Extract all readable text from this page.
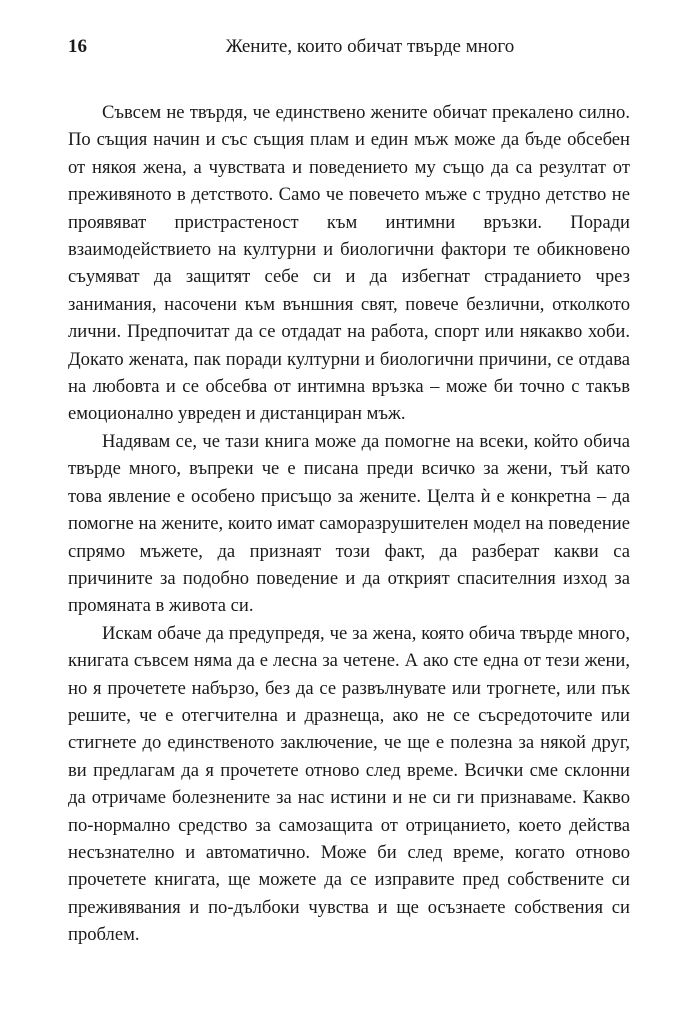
16	Жените, които обичат твърде много

Съвсем не твърдя, че единствено жените обичат прекалено силно. По същия начин и със същия плам и един мъж може да бъде обсебен от някоя жена, а чувствата и поведението му също да са резултат от преживяното в детството. Само че повечето мъже с трудно детство не проявяват пристрастеност към интимни връзки. Поради взаимодействието на културни и биологични фактори те обикновено съумяват да защитят себе си и да избегнат страданието чрез занимания, насочени към външния свят, повече безлични, отколкото лични. Предпочитат да се отдадат на работа, спорт или някакво хоби. Докато жената, пак поради културни и биологични причини, се отдава на любовта и се обсебва от интимна връзка – може би точно с такъв емоционално увреден и дистанциран мъж.

Надявам се, че тази книга може да помогне на всеки, който обича твърде много, въпреки че е писана преди всичко за жени, тъй като това явление е особено присъщо за жените. Целта ѝ е конкретна – да помогне на жените, които имат саморазрушителен модел на поведение спрямо мъжете, да признаят този факт, да разберат какви са причините за подобно поведение и да открият спасителния изход за промяната в живота си.

Искам обаче да предупредя, че за жена, която обича твърде много, книгата съвсем няма да е лесна за четене. А ако сте една от тези жени, но я прочетете набързо, без да се развълнувате или трогнете, или пък решите, че е отегчителна и дразнеща, ако не се съсредоточите или стигнете до единственото заключение, че ще е полезна за някой друг, ви предлагам да я прочетете отново след време. Всички сме склонни да отричаме болезнените за нас истини и не си ги признаваме. Какво по-нормално средство за самозащита от отрицанието, което действа несъзнателно и автоматично. Може би след време, когато отново прочетете книгата, ще можете да се изправите пред собствените си преживявания и по-дълбоки чувства и ще осъзнаете собствения си проблем.
